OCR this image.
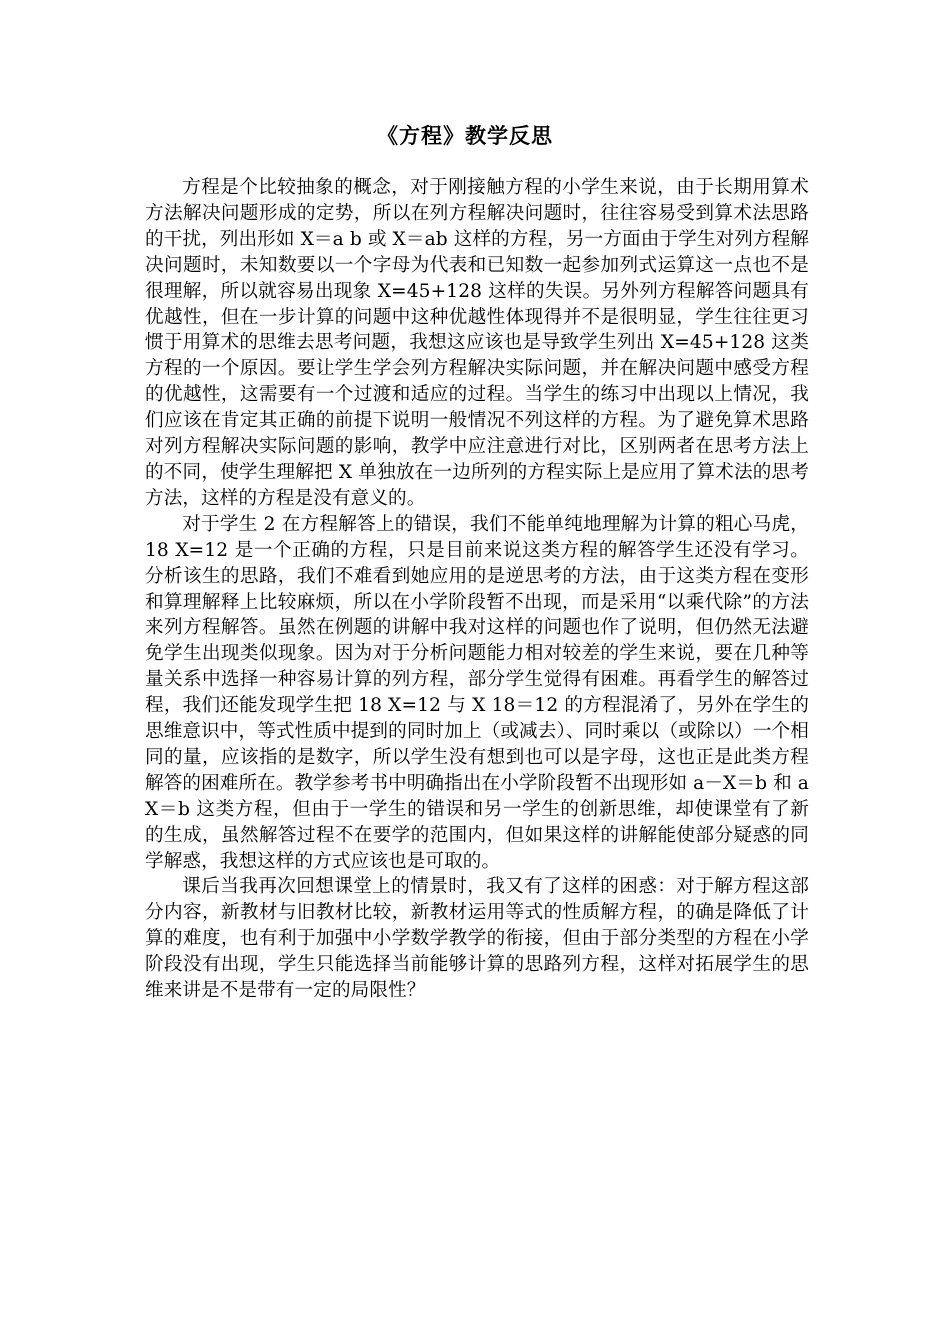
《方程》教学反思

方程是个比较抽象的概念，对于刚接触方程的小学生来说，由于长期用算术方法解决问题形成的定势，所以在列方程解决问题时，往往容易受到算术法思路的干扰，列出形如 X＝a b 或 X＝ab 这样的方程，另一方面由于学生对列方程解决问题时，未知数要以一个字母为代表和已知数一起参加列式运算这一点也不是很理解，所以就容易出现象 X=45+128 这样的失误。另外列方程解答问题具有优越性，但在一步计算的问题中这种优越性体现得并不是很明显，学生往往更习惯于用算术的思维去思考问题，我想这应该也是导致学生列出 X=45+128 这类方程的一个原因。要让学生学会列方程解决实际问题，并在解决问题中感受方程的优越性，这需要有一个过渡和适应的过程。当学生的练习中出现以上情况，我们应该在肯定其正确的前提下说明一般情况不列这样的方程。为了避免算术思路对列方程解决实际问题的影响，教学中应注意进行对比，区别两者在思考方法上的不同，使学生理解把 X 单独放在一边所列的方程实际上是应用了算术法的思考方法，这样的方程是没有意义的。

对于学生 2 在方程解答上的错误，我们不能单纯地理解为计算的粗心马虎，18 X=12 是一个正确的方程，只是目前来说这类方程的解答学生还没有学习。分析该生的思路，我们不难看到她应用的是逆思考的方法，由于这类方程在变形和算理解释上比较麻烦，所以在小学阶段暂不出现，而是采用“以乘代除”的方法来列方程解答。虽然在例题的讲解中我对这样的问题也作了说明，但仍然无法避免学生出现类似现象。因为对于分析问题能力相对较差的学生来说，要在几种等量关系中选择一种容易计算的列方程，部分学生觉得有困难。再看学生的解答过程，我们还能发现学生把 18 X=12 与 X 18＝12 的方程混淆了，另外在学生的思维意识中，等式性质中提到的同时加上（或减去）、同时乘以（或除以）一个相同的量，应该指的是数字，所以学生没有想到也可以是字母，这也正是此类方程解答的困难所在。教学参考书中明确指出在小学阶段暂不出现形如 a－X＝b 和 a X＝b 这类方程，但由于一学生的错误和另一学生的创新思维，却使课堂有了新的生成，虽然解答过程不在要学的范围内，但如果这样的讲解能使部分疑惑的同学解惑，我想这样的方式应该也是可取的。

课后当我再次回想课堂上的情景时，我又有了这样的困惑：对于解方程这部分内容，新教材与旧教材比较，新教材运用等式的性质解方程，的确是降低了计算的难度，也有利于加强中小学数学教学的衔接，但由于部分类型的方程在小学阶段没有出现，学生只能选择当前能够计算的思路列方程，这样对拓展学生的思维来讲是不是带有一定的局限性？
